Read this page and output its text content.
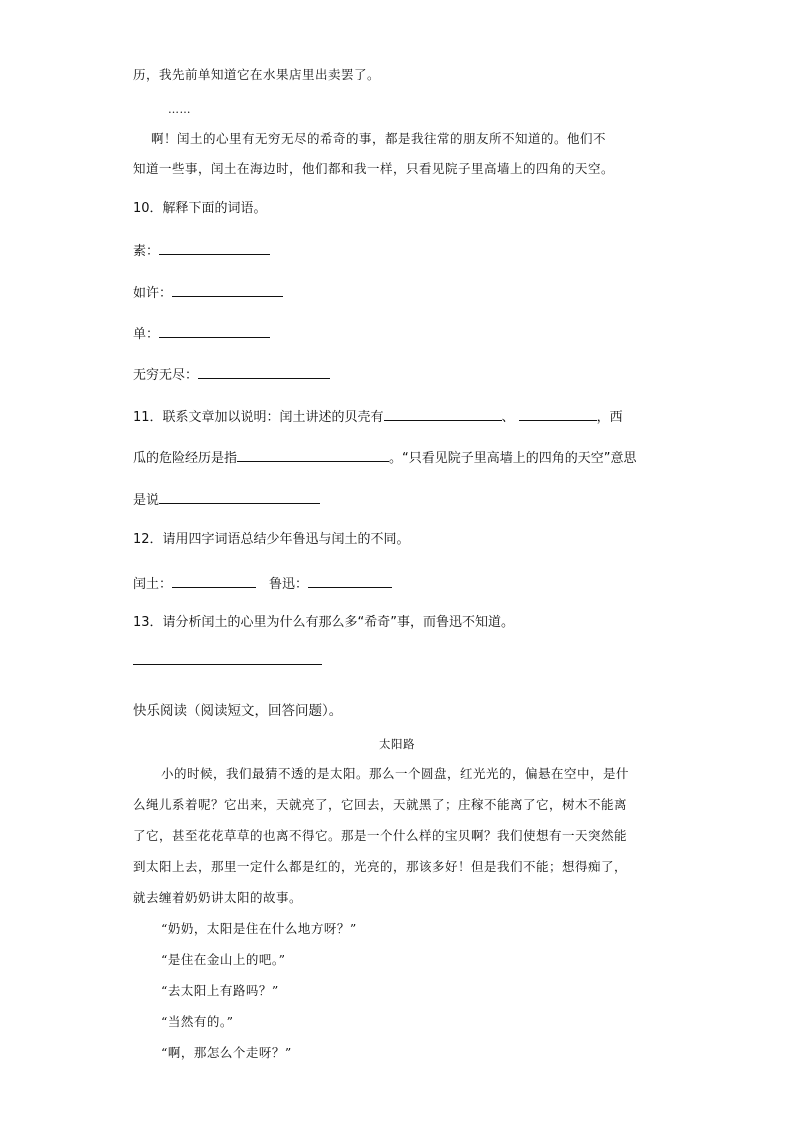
历，我先前单知道它在水果店里出卖罢了。
……
啊！闰土的心里有无穷无尽的希奇的事，都是我往常的朋友所不知道的。他们不
知道一些事，闰土在海边时，他们都和我一样，只看见院子里高墙上的四角的天空。
10．解释下面的词语。
素：
如许：
单：
无穷无尽：
11．联系文章加以说明：闰土讲述的贝壳有	、	，西
瓜的危险经历是指	。“只看见院子里高墙上的四角的天空”意思
是说
12．请用四字词语总结少年鲁迅与闰土的不同。
闰土：	鲁迅：
13．请分析闰土的心里为什么有那么多“希奇”事，而鲁迅不知道。
快乐阅读（阅读短文，回答问题）。
太阳路
小的时候，我们最猜不透的是太阳。那么一个圆盘，红光光的，偏悬在空中，是什
么绳儿系着呢？它出来，天就亮了，它回去，天就黑了；庄稼不能离了它，树木不能离
了它，甚至花花草草的也离不得它。那是一个什么样的宝贝啊？我们使想有一天突然能
到太阳上去，那里一定什么都是红的，光亮的，那该多好！但是我们不能；想得痴了，
就去缠着奶奶讲太阳的故事。
“奶奶，太阳是住在什么地方呀？”
“是住在金山上的吧。”
“去太阳上有路吗？”
“当然有的。”
“啊，那怎么个走呀？”
